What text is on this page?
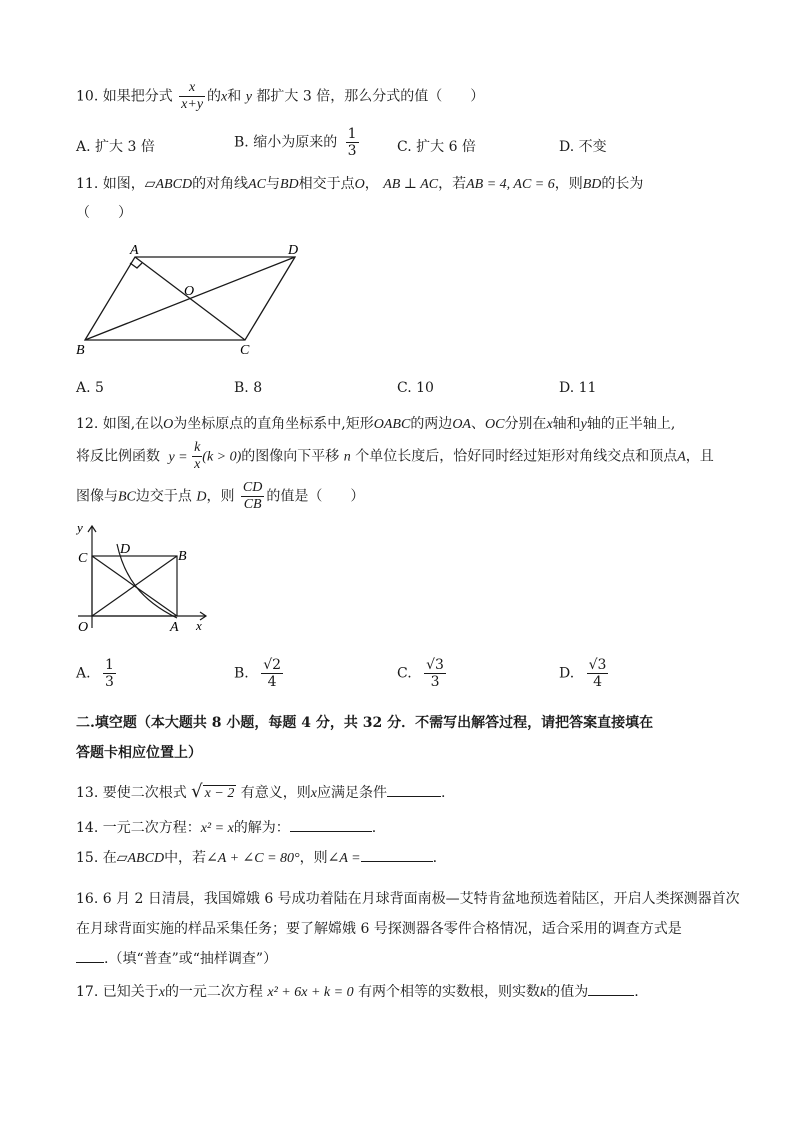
10. 如果把分式 $\frac{x}{x+y}$ 的x和 y 都扩大 3 倍，那么分式的值（　　）
A. 扩大 3 倍	B. 缩小为原来的 $\frac{1}{3}$	C. 扩大 6 倍	D. 不变
11. 如图，▱ABCD的对角线AC与BD相交于点O， AB ⊥ AC，若AB = 4, AC = 6，则BD的长为
（　　）
A	D
O
B	C
A. 5	B. 8	C. 10	D. 11
12. 如图,在以O为坐标原点的直角坐标系中,矩形OABC的两边OA、OC分别在x轴和y轴的正半轴上,
将反比例函数 $y = \frac{k}{x} (k > 0)$的图像向下平移 n 个单位长度后，恰好同时经过矩形对角线交点和顶点A，且
图像与BC边交于点 D，则 $\frac{CD}{CB}$ 的值是（　　）
y
C
D	B
O	A x
A. $\frac{1}{3}$	B. $\frac{√2}{4}$	C. $\frac{√3}{3}$	D. $\frac{√3}{4}$
二.填空题（本大题共 8 小题，每题 4 分，共 32 分．不需写出解答过程，请把答案直接填在
答题卡相应位置上）
13. 要使二次根式 √ x − 2 有意义，则x应满足条件	.
14. 一元二次方程：x² = x的解为：	.
15. 在▱ABCD中，若∠A + ∠C = 80°，则∠A =	.
16. 6 月 2 日清晨，我国嫦娥 6 号成功着陆在月球背面南极—艾特肯盆地预选着陆区，开启人类探测器首次
在月球背面实施的样品采集任务；要了解嫦娥 6 号探测器各零件合格情况，适合采用的调查方式是
.（填“普查”或“抽样调查”）
17. 已知关于x的一元二次方程 x² + 6x + k = 0 有两个相等的实数根，则实数k的值为	.
